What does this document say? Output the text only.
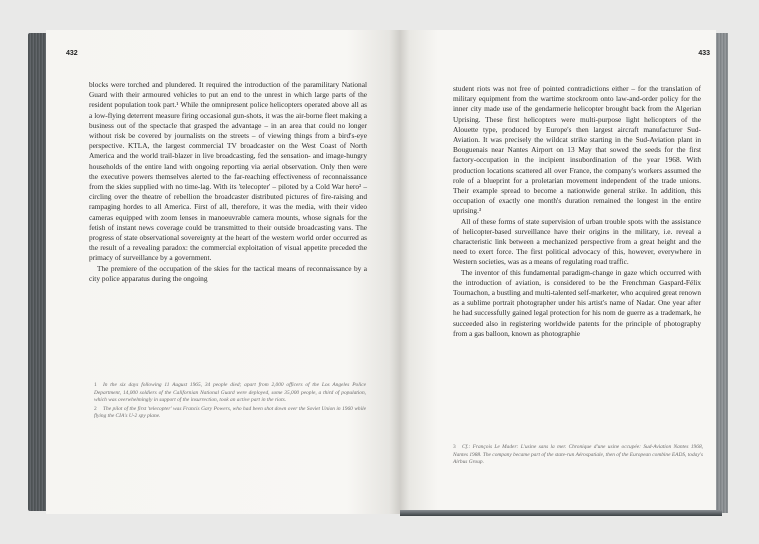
432

blocks were torched and plundered. It required the introduction of the paramilitary National Guard with their armoured vehicles to put an end to the unrest in which large parts of the resident population took part.¹ While the omnipresent police helicopters operated above all as a low-flying deterrent measure firing occasional gun-shots, it was the air-borne fleet making a business out of the spectacle that grasped the advantage – in an area that could no longer without risk be covered by journalists on the streets – of viewing things from a bird's-eye perspective. KTLA, the largest commercial TV broadcaster on the West Coast of North America and the world trail-blazer in live broadcasting, fed the sensation- and image-hungry households of the entire land with ongoing reporting via aerial observation. Only then were the executive powers themselves alerted to the far-reaching effectiveness of reconnaissance from the skies supplied with no time-lag. With its 'telecopter' – piloted by a Cold War hero² – circling over the theatre of rebellion the broadcaster distributed pictures of fire-raising and rampaging hordes to all America. First of all, therefore, it was the media, with their video cameras equipped with zoom lenses in manoeuvrable camera mounts, whose signals for the fetish of instant news coverage could be transmitted to their outside broadcasting vans. The progress of state observational sovereignty at the heart of the western world order occurred as the result of a revealing paradox: the commercial exploitation of visual appetite preceded the primacy of surveillance by a government.

The premiere of the occupation of the skies for the tactical means of reconnaissance by a city police apparatus during the ongoing

1 In the six days following 11 August 1965, 34 people died; apart from 2,000 officers of the Los Angeles Police Department, 14,000 soldiers of the Californian National Guard were deployed, some 35,000 people, a third of population, which was overwhelmingly in support of the insurrection, took an active part in the riots.

2 The pilot of the first 'telecopter' was Francis Gary Powers, who had been shot down over the Soviet Union in 1960 while flying the CIA's U-2 spy plane.

433

student riots was not free of pointed contradictions either – for the translation of military equipment from the wartime stockroom onto law-and-order policy for the inner city made use of the gendarmerie helicopter brought back from the Algerian Uprising. These first helicopters were multi-purpose light helicopters of the Alouette type, produced by Europe's then largest aircraft manufacturer Sud-Aviation. It was precisely the wildcat strike starting in the Sud-Aviation plant in Bouguenais near Nantes Airport on 13 May that sowed the seeds for the first factory-occupation in the incipient insubordination of the year 1968. With production locations scattered all over France, the company's workers assumed the role of a blueprint for a proletarian movement independent of the trade unions. Their example spread to become a nationwide general strike. In addition, this occupation of exactly one month's duration remained the longest in the entire uprising.³

All of these forms of state supervision of urban trouble spots with the assistance of helicopter-based surveillance have their origins in the military, i.e. reveal a characteristic link between a mechanized perspective from a great height and the need to exert force. The first political advocacy of this, however, everywhere in Western societies, was as a means of regulating road traffic.

The inventor of this fundamental paradigm-change in gaze which occurred with the introduction of aviation, is considered to be the Frenchman Gaspard-Félix Tournachon, a bustling and multi-talented self-marketer, who acquired great renown as a sublime portrait photographer under his artist's name of Nadar. One year after he had successfully gained legal protection for his nom de guerre as a trademark, he succeeded also in registering worldwide patents for the principle of photography from a gas balloon, known as photographie

3 Cf.: François Le Mader: L'usine sans la mer. Chronique d'une usine occupée: Sud-Aviation Nantes 1968, Nantes 1988. The company became part of the state-run Aérospatiale, then of the European combine EADS, today's Airbus Group.
